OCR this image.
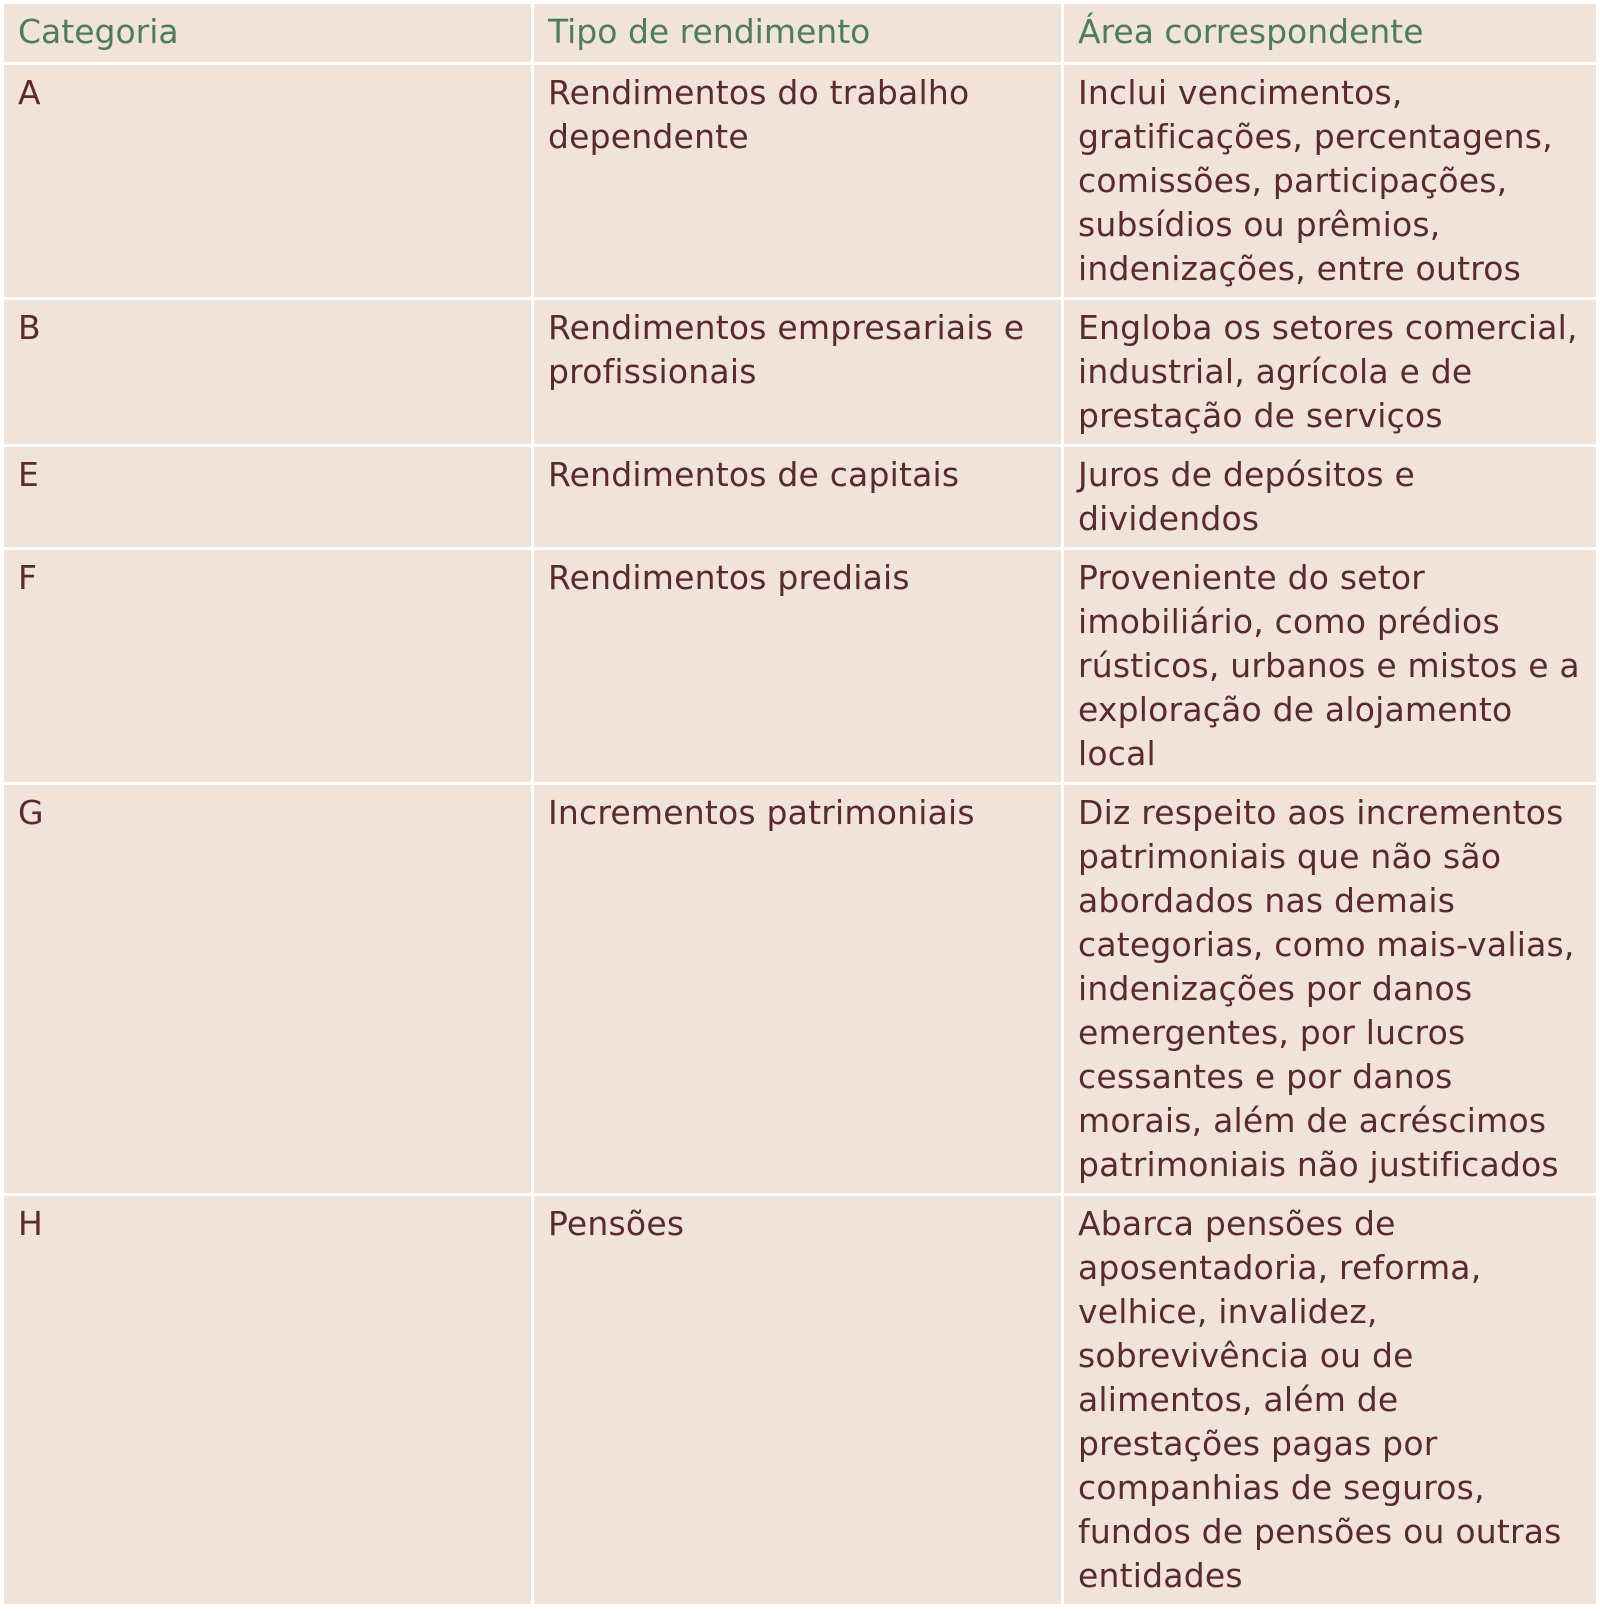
Categoria	Tipo de rendimento	Área correspondente
A	Rendimentos do trabalho dependente	Inclui vencimentos, gratificações, percentagens, comissões, participações, subsídios ou prêmios, indenizações, entre outros
B	Rendimentos empresariais e profissionais	Engloba os setores comercial, industrial, agrícola e de prestação de serviços
E	Rendimentos de capitais	Juros de depósitos e dividendos
F	Rendimentos prediais	Proveniente do setor imobiliário, como prédios rústicos, urbanos e mistos e a exploração de alojamento local
G	Incrementos patrimoniais	Diz respeito aos incrementos patrimoniais que não são abordados nas demais categorias, como mais-valias, indenizações por danos emergentes, por lucros cessantes e por danos morais, além de acréscimos patrimoniais não justificados
H	Pensões	Abarca pensões de aposentadoria, reforma, velhice, invalidez, sobrevivência ou de alimentos, além de prestações pagas por companhias de seguros, fundos de pensões ou outras entidades
